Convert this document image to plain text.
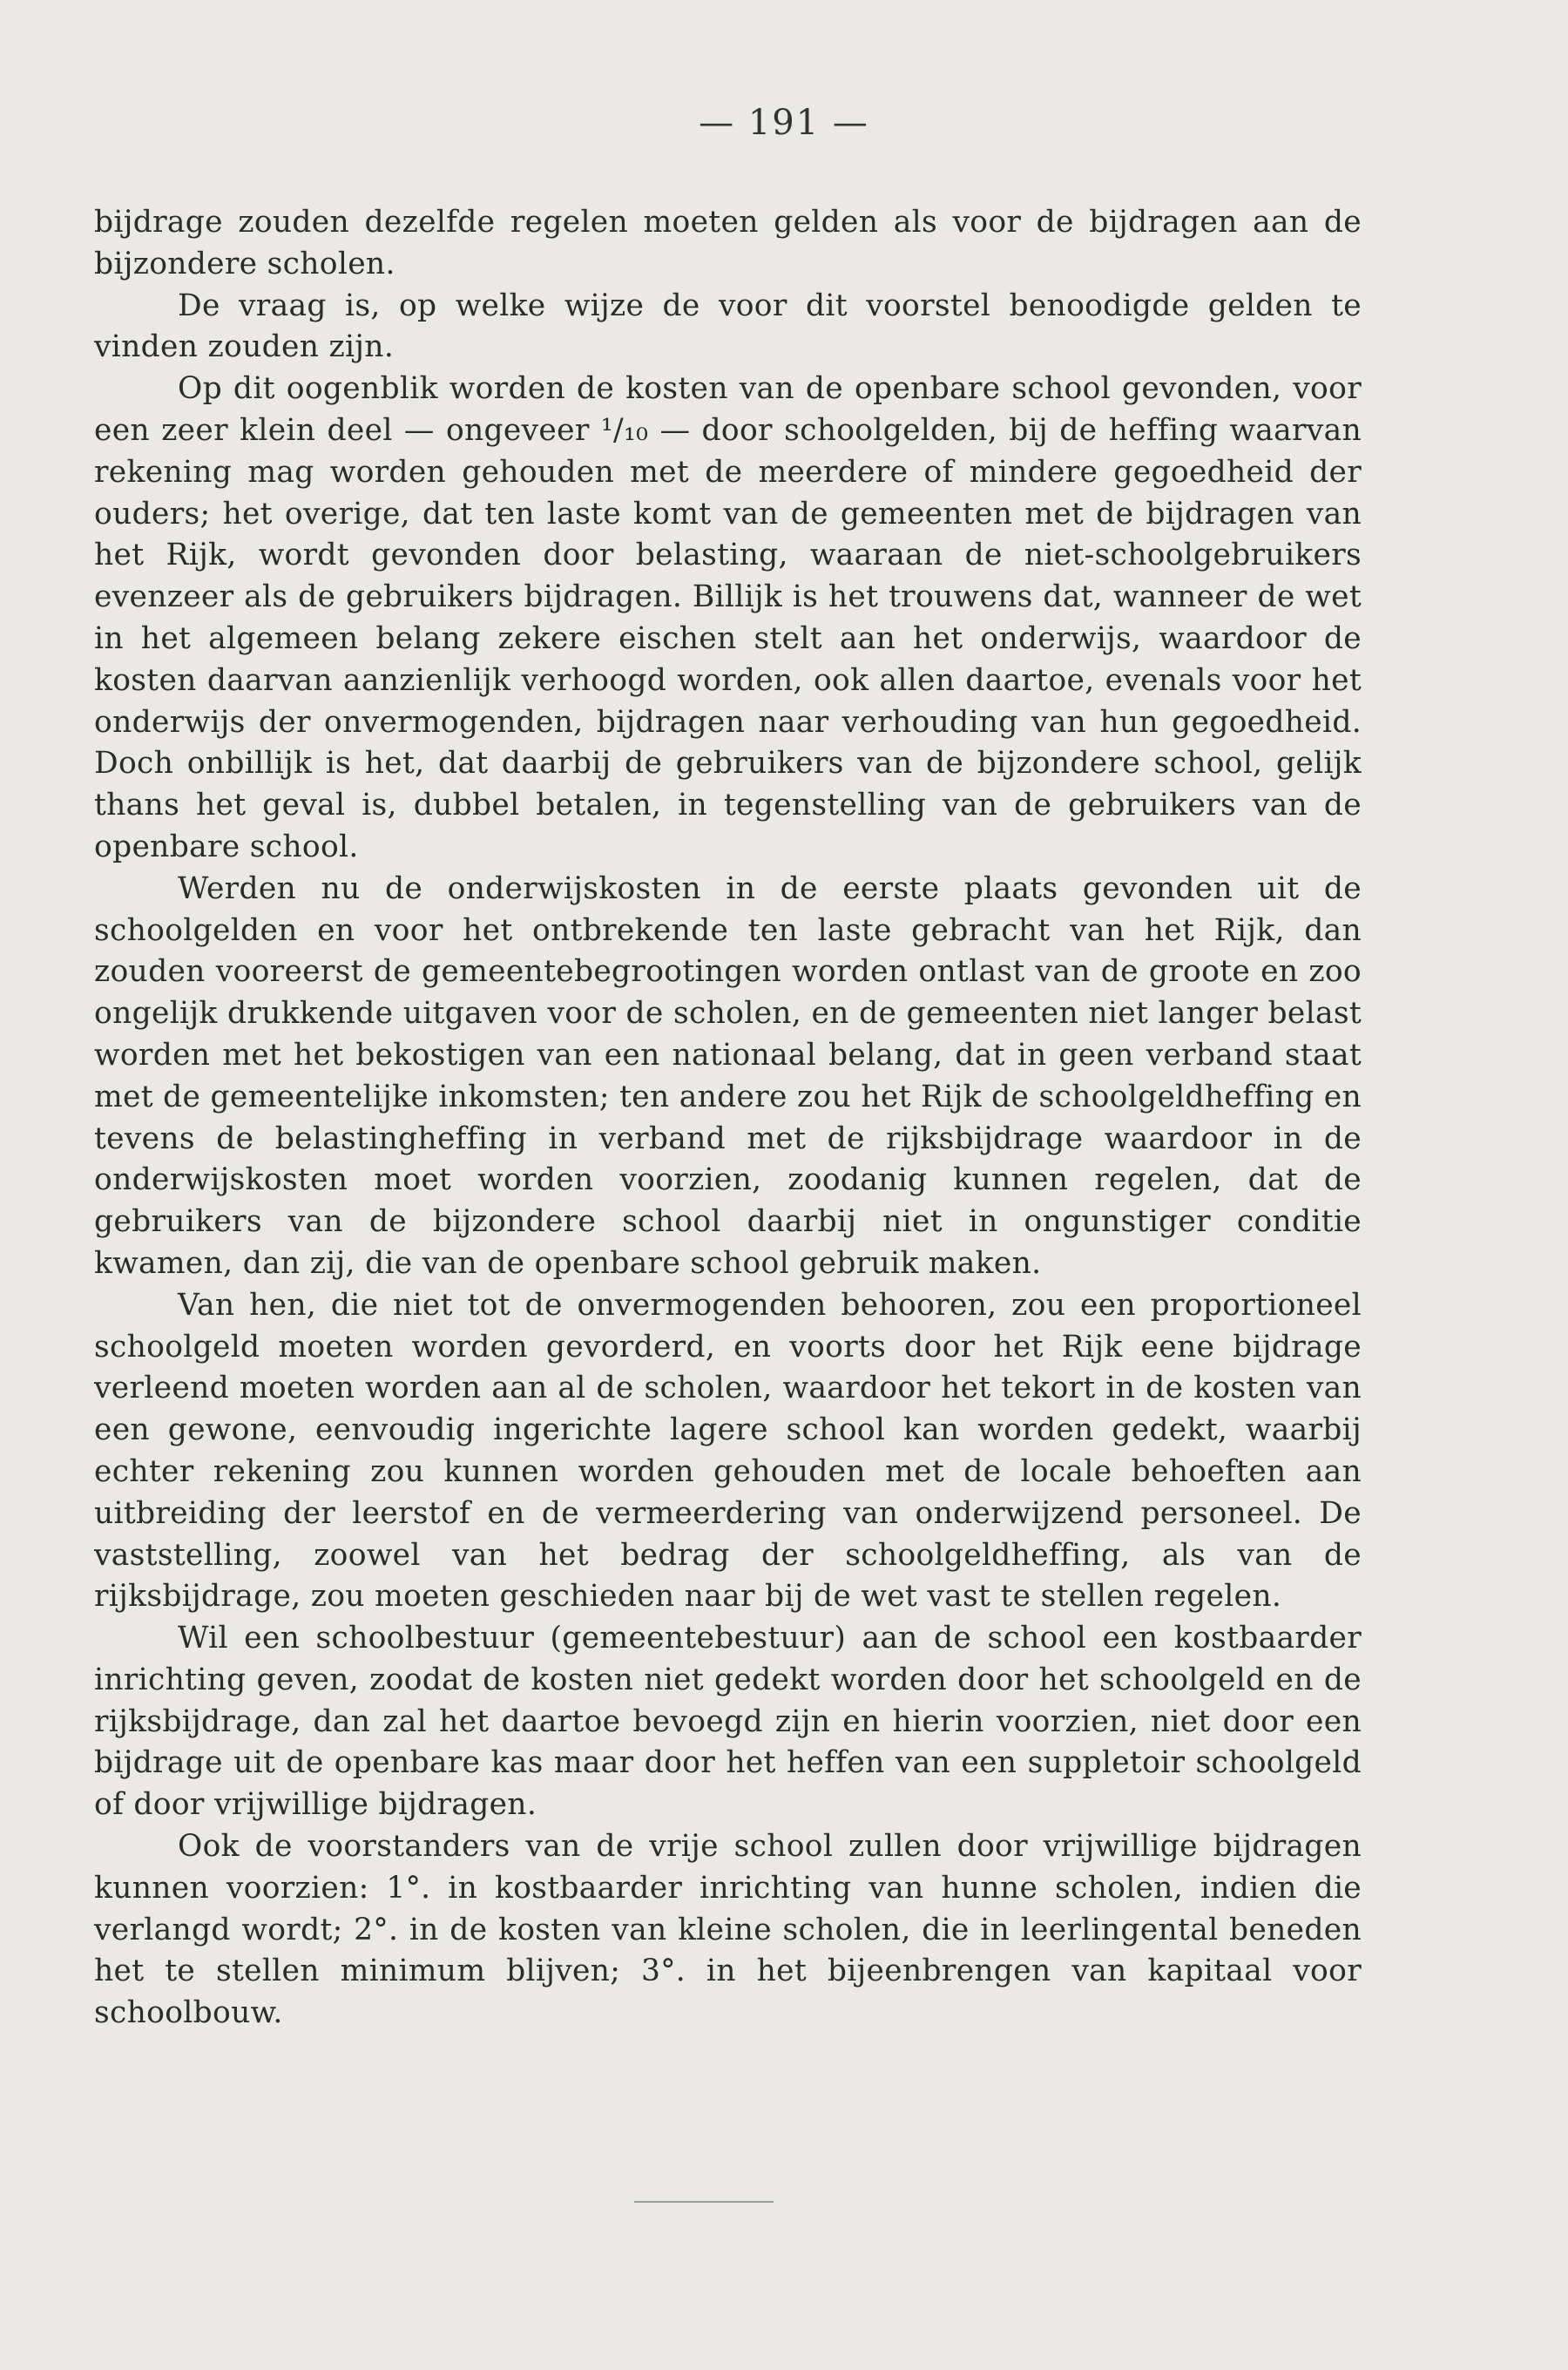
— 191 —

bijdrage zouden dezelfde regelen moeten gelden als voor de bijdragen aan de bijzondere scholen.

De vraag is, op welke wijze de voor dit voorstel benoodigde gelden te vinden zouden zijn.

Op dit oogenblik worden de kosten van de openbare school gevonden, voor een zeer klein deel — ongeveer ¹/₁₀ — door schoolgelden, bij de heffing waarvan rekening mag worden gehouden met de meerdere of mindere gegoedheid der ouders; het overige, dat ten laste komt van de gemeenten met de bijdragen van het Rijk, wordt gevonden door belasting, waaraan de niet-schoolgebruikers evenzeer als de gebruikers bijdragen. Billijk is het trouwens dat, wanneer de wet in het algemeen belang zekere eischen stelt aan het onderwijs, waardoor de kosten daarvan aanzienlijk verhoogd worden, ook allen daartoe, evenals voor het onderwijs der onvermogenden, bijdragen naar verhouding van hun gegoedheid. Doch onbillijk is het, dat daarbij de gebruikers van de bijzondere school, gelijk thans het geval is, dubbel betalen, in tegenstelling van de gebruikers van de openbare school.

Werden nu de onderwijskosten in de eerste plaats gevonden uit de schoolgelden en voor het ontbrekende ten laste gebracht van het Rijk, dan zouden vooreerst de gemeentebegrootingen worden ontlast van de groote en zoo ongelijk drukkende uitgaven voor de scholen, en de gemeenten niet langer belast worden met het bekostigen van een nationaal belang, dat in geen verband staat met de gemeentelijke inkomsten; ten andere zou het Rijk de schoolgeldheffing en tevens de belastingheffing in verband met de rijksbijdrage waardoor in de onderwijskosten moet worden voorzien, zoodanig kunnen regelen, dat de gebruikers van de bijzondere school daarbij niet in ongunstiger conditie kwamen, dan zij, die van de openbare school gebruik maken.

Van hen, die niet tot de onvermogenden behooren, zou een proportioneel schoolgeld moeten worden gevorderd, en voorts door het Rijk eene bijdrage verleend moeten worden aan al de scholen, waardoor het tekort in de kosten van een gewone, eenvoudig ingerichte lagere school kan worden gedekt, waarbij echter rekening zou kunnen worden gehouden met de locale behoeften aan uitbreiding der leerstof en de vermeerdering van onderwijzend personeel. De vaststelling, zoowel van het bedrag der schoolgeldheffing, als van de rijksbijdrage, zou moeten geschieden naar bij de wet vast te stellen regelen.

Wil een schoolbestuur (gemeentebestuur) aan de school een kostbaarder inrichting geven, zoodat de kosten niet gedekt worden door het schoolgeld en de rijksbijdrage, dan zal het daartoe bevoegd zijn en hierin voorzien, niet door een bijdrage uit de openbare kas maar door het heffen van een suppletoir schoolgeld of door vrijwillige bijdragen.

Ook de voorstanders van de vrije school zullen door vrijwillige bijdragen kunnen voorzien: 1°. in kostbaarder inrichting van hunne scholen, indien die verlangd wordt; 2°. in de kosten van kleine scholen, die in leerlingental beneden het te stellen minimum blijven; 3°. in het bijeenbrengen van kapitaal voor schoolbouw.
